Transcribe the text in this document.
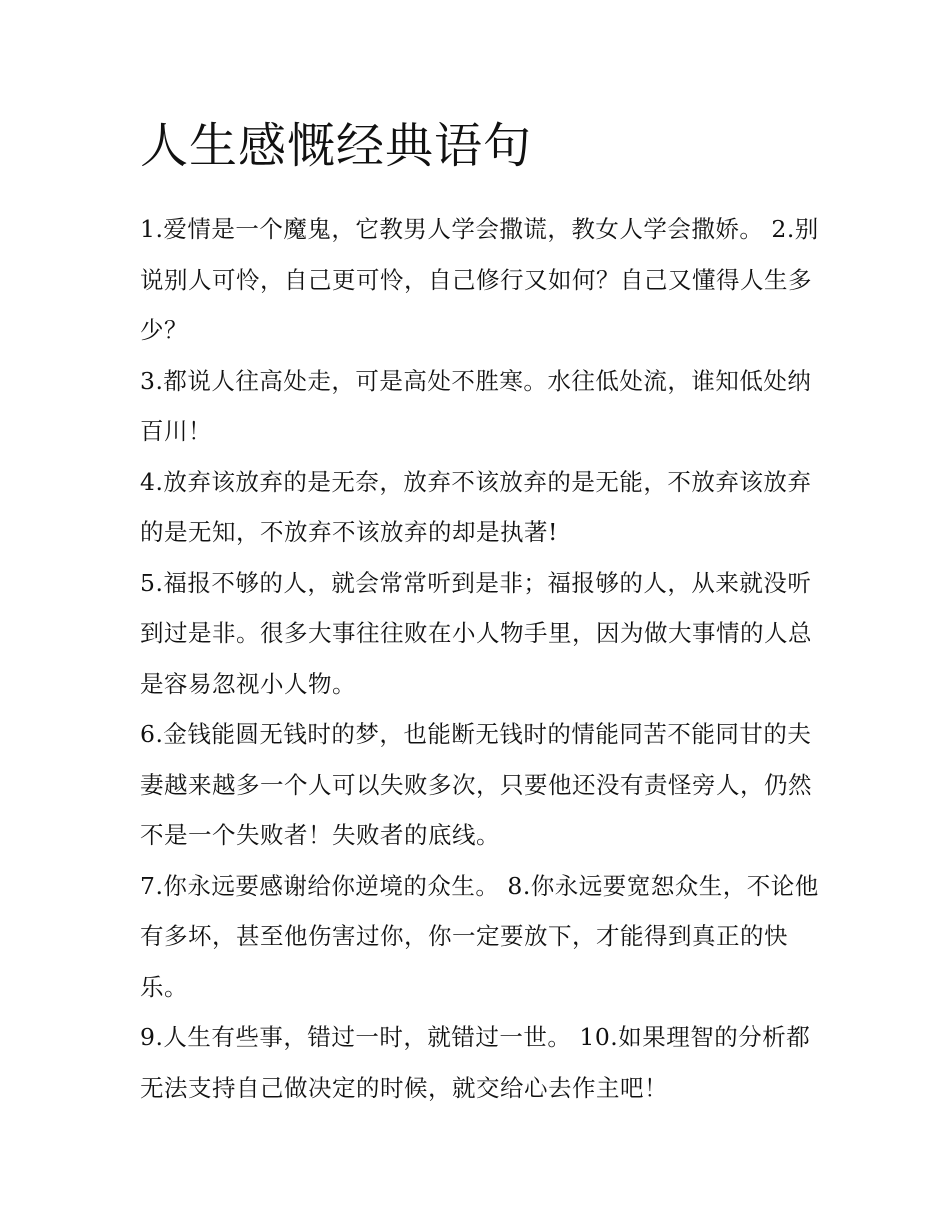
人生感慨经典语句

1.爱情是一个魔鬼，它教男人学会撒谎，教女人学会撒娇。 2.别说别人可怜，自己更可怜，自己修行又如何？自己又懂得人生多少？

3.都说人往高处走，可是高处不胜寒。水往低处流，谁知低处纳百川！

4.放弃该放弃的是无奈，放弃不该放弃的是无能，不放弃该放弃的是无知，不放弃不该放弃的却是执著!

5.福报不够的人，就会常常听到是非；福报够的人，从来就没听到过是非。很多大事往往败在小人物手里，因为做大事情的人总是容易忽视小人物。

6.金钱能圆无钱时的梦，也能断无钱时的情能同苦不能同甘的夫妻越来越多一个人可以失败多次，只要他还没有责怪旁人，仍然不是一个失败者！失败者的底线。

7.你永远要感谢给你逆境的众生。 8.你永远要宽恕众生，不论他有多坏，甚至他伤害过你，你一定要放下，才能得到真正的快乐。

9.人生有些事，错过一时，就错过一世。 10.如果理智的分析都无法支持自己做决定的时候，就交给心去作主吧！
